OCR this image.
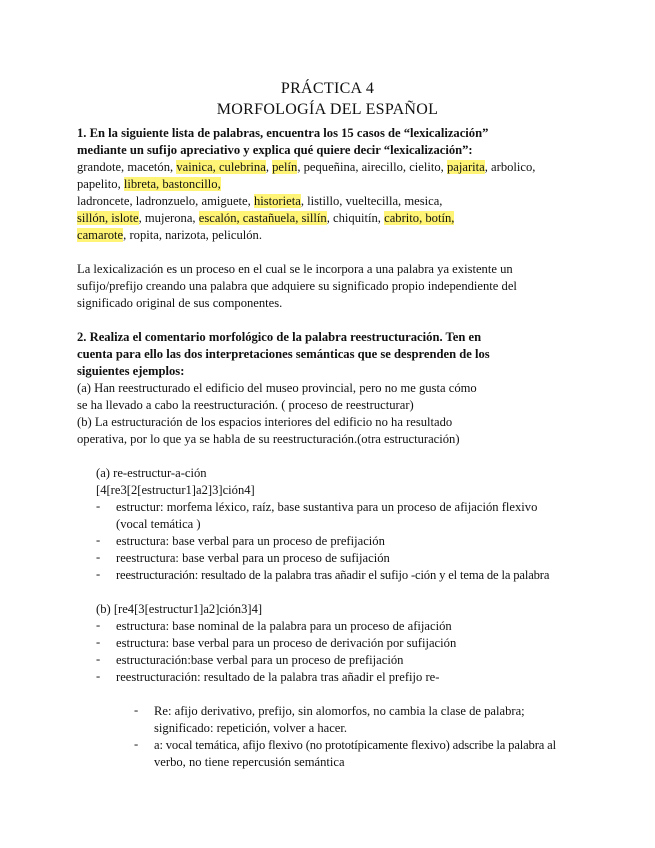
PRÁCTICA 4
MORFOLOGÍA DEL ESPAÑOL
1. En la siguiente lista de palabras, encuentra los 15 casos de “lexicalización”
mediante un sufijo apreciativo y explica qué quiere decir “lexicalización”:
grandote, macetón, vainica, culebrina, pelín, pequeñina, airecillo, cielito, pajarita, arbolico,
papelito, libreta, bastoncillo,
ladroncete, ladronzuelo, amiguete, historieta, listillo, vueltecilla, mesica,
sillón, islote, mujerona, escalón, castañuela, sillín, chiquitín, cabrito, botín,
camarote, ropita, narizota, peliculón.
La lexicalización es un proceso en el cual se le incorpora a una palabra ya existente un
sufijo/prefijo creando una palabra que adquiere su significado propio independiente del
significado original de sus componentes.
2. Realiza el comentario morfológico de la palabra reestructuración. Ten en
cuenta para ello las dos interpretaciones semánticas que se desprenden de los
siguientes ejemplos:
(a) Han reestructurado el edificio del museo provincial, pero no me gusta cómo
se ha llevado a cabo la reestructuración. ( proceso de reestructurar)
(b) La estructuración de los espacios interiores del edificio no ha resultado
operativa, por lo que ya se habla de su reestructuración.(otra estructuración)
(a) re-estructur-a-ción
[4[re3[2[estructur1]a2]3]ción4]
- estructur: morfema léxico, raíz, base sustantiva para un proceso de afijación flexivo
(vocal temática )
- estructura: base verbal para un proceso de prefijación
- reestructura: base verbal para un proceso de sufijación
- reestructuración: resultado de la palabra tras añadir el sufijo -ción y el tema de la palabra
(b) [re4[3[estructur1]a2]ción3]4]
- estructura: base nominal de la palabra para un proceso de afijación
- estructura: base verbal para un proceso de derivación por sufijación
- estructuración:base verbal para un proceso de prefijación
- reestructuración: resultado de la palabra tras añadir el prefijo re-
- Re: afijo derivativo, prefijo, sin alomorfos, no cambia la clase de palabra;
significado: repetición, volver a hacer.
- a: vocal temática, afijo flexivo (no prototípicamente flexivo) adscribe la palabra al
verbo, no tiene repercusión semántica
